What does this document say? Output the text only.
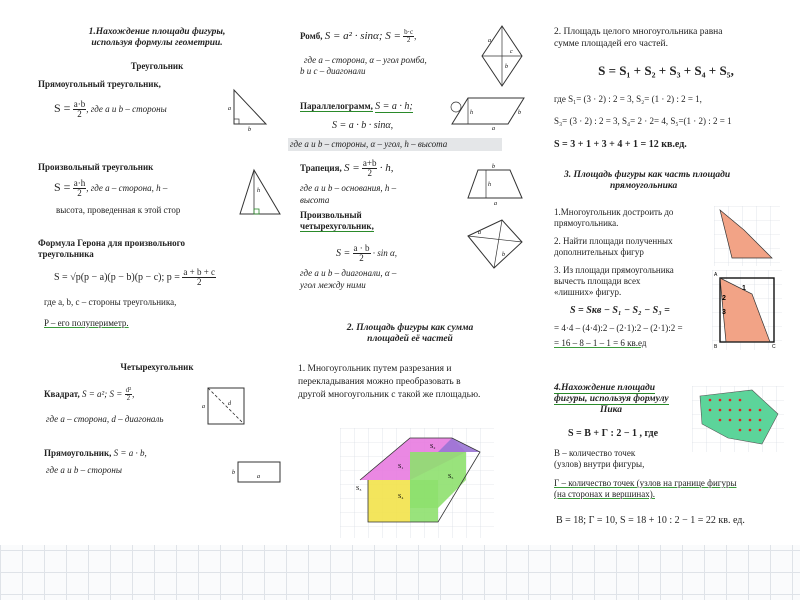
1.Нахождение площади фигуры,
используя формулы геометрии.
Треугольник
Прямоугольный треугольник,
$S = \frac{a\cdot b}{2}$ , где a и b – стороны	a
b
Произвольный треугольник
$S = \frac{a\cdot h}{2}$ , где a – сторона, h –
высота, проведенная к этой стор
h
Формула Герона для произвольного
треугольника
S = √p(p − a)(p − b)(p − c); $p = \frac{a + b + c}{2}$
где a, b, c – стороны треугольника,
P – его полупериметр.
Четырехугольник
Квадрат, S = a²; $S = \frac{\text{d²}}{2}$ ,
где a – сторона, d – диагональ
a	d
Прямоугольник, S = a · b,
где a и b – стороны	b
a
Ромб, S = a² · sinα; $S = \frac{b\cdot c}{2}$ ,
где a – сторона, α – угол ромба,
b и c – диагонали
a
b
c
Параллелограмм, S = a · h;
S = a · b · sinα,
где a и b – стороны, α – угол, h – высота
h
a
b
Трапеция, $S = \frac{a+b}{2} \cdot h$,
где a и b – основания, h –
высота
b
h
a
Произвольный
четырехугольник,
$S = \frac{a \cdot b}{2} \cdot \sin \alpha$,
где a и b – диагонали, α –
угол между ними
a
b
2. Площадь фигуры как сумма
площадей её частей
1. Многоугольник путем разрезания и
перекладывания можно преобразовать в
другой многоугольник с такой же площадью.
S₂
S₁
S₃
S₅
S₄
2. Площадь целого многоугольника равна
сумме площадей его частей.
S = S₁ + S₂ + S₃ + S₄ + S₅,
где S₁= (3 · 2) : 2 = 3, S₂= (1 · 2) : 2 = 1,
S₃= (3 · 2) : 2 = 3, S₄= 2 · 2= 4, S₅=(1 · 2) : 2 = 1
S = 3 + 1 + 3 + 4 + 1 = 12 кв.ед.
3. Площадь фигуры как часть площади
прямоугольника
1.Многоугольник достроить до
прямоугольника.
2. Найти площади полученных
дополнительных фигур
3. Из площади прямоугольника
вычесть площади всех
«лишних» фигур.
S = Sкв − S₁ − S₂ − S₃ =
= 4·4 – (4·4):2 – (2·1):2 – (2·1):2 =
= 16 – 8 – 1 – 1 = 6 кв.ед
2
3
1
A
B	C
4.Нахождение площади
фигуры, используя формулу
Пика
S = B + Г : 2 − 1 , где
B – количество точек
(узлов) внутри фигуры,
Г – количество точек (узлов на границе фигуры
(на сторонах и вершинах).
B = 18; Г = 10, S = 18 + 10 : 2 − 1 = 22 кв. ед.
